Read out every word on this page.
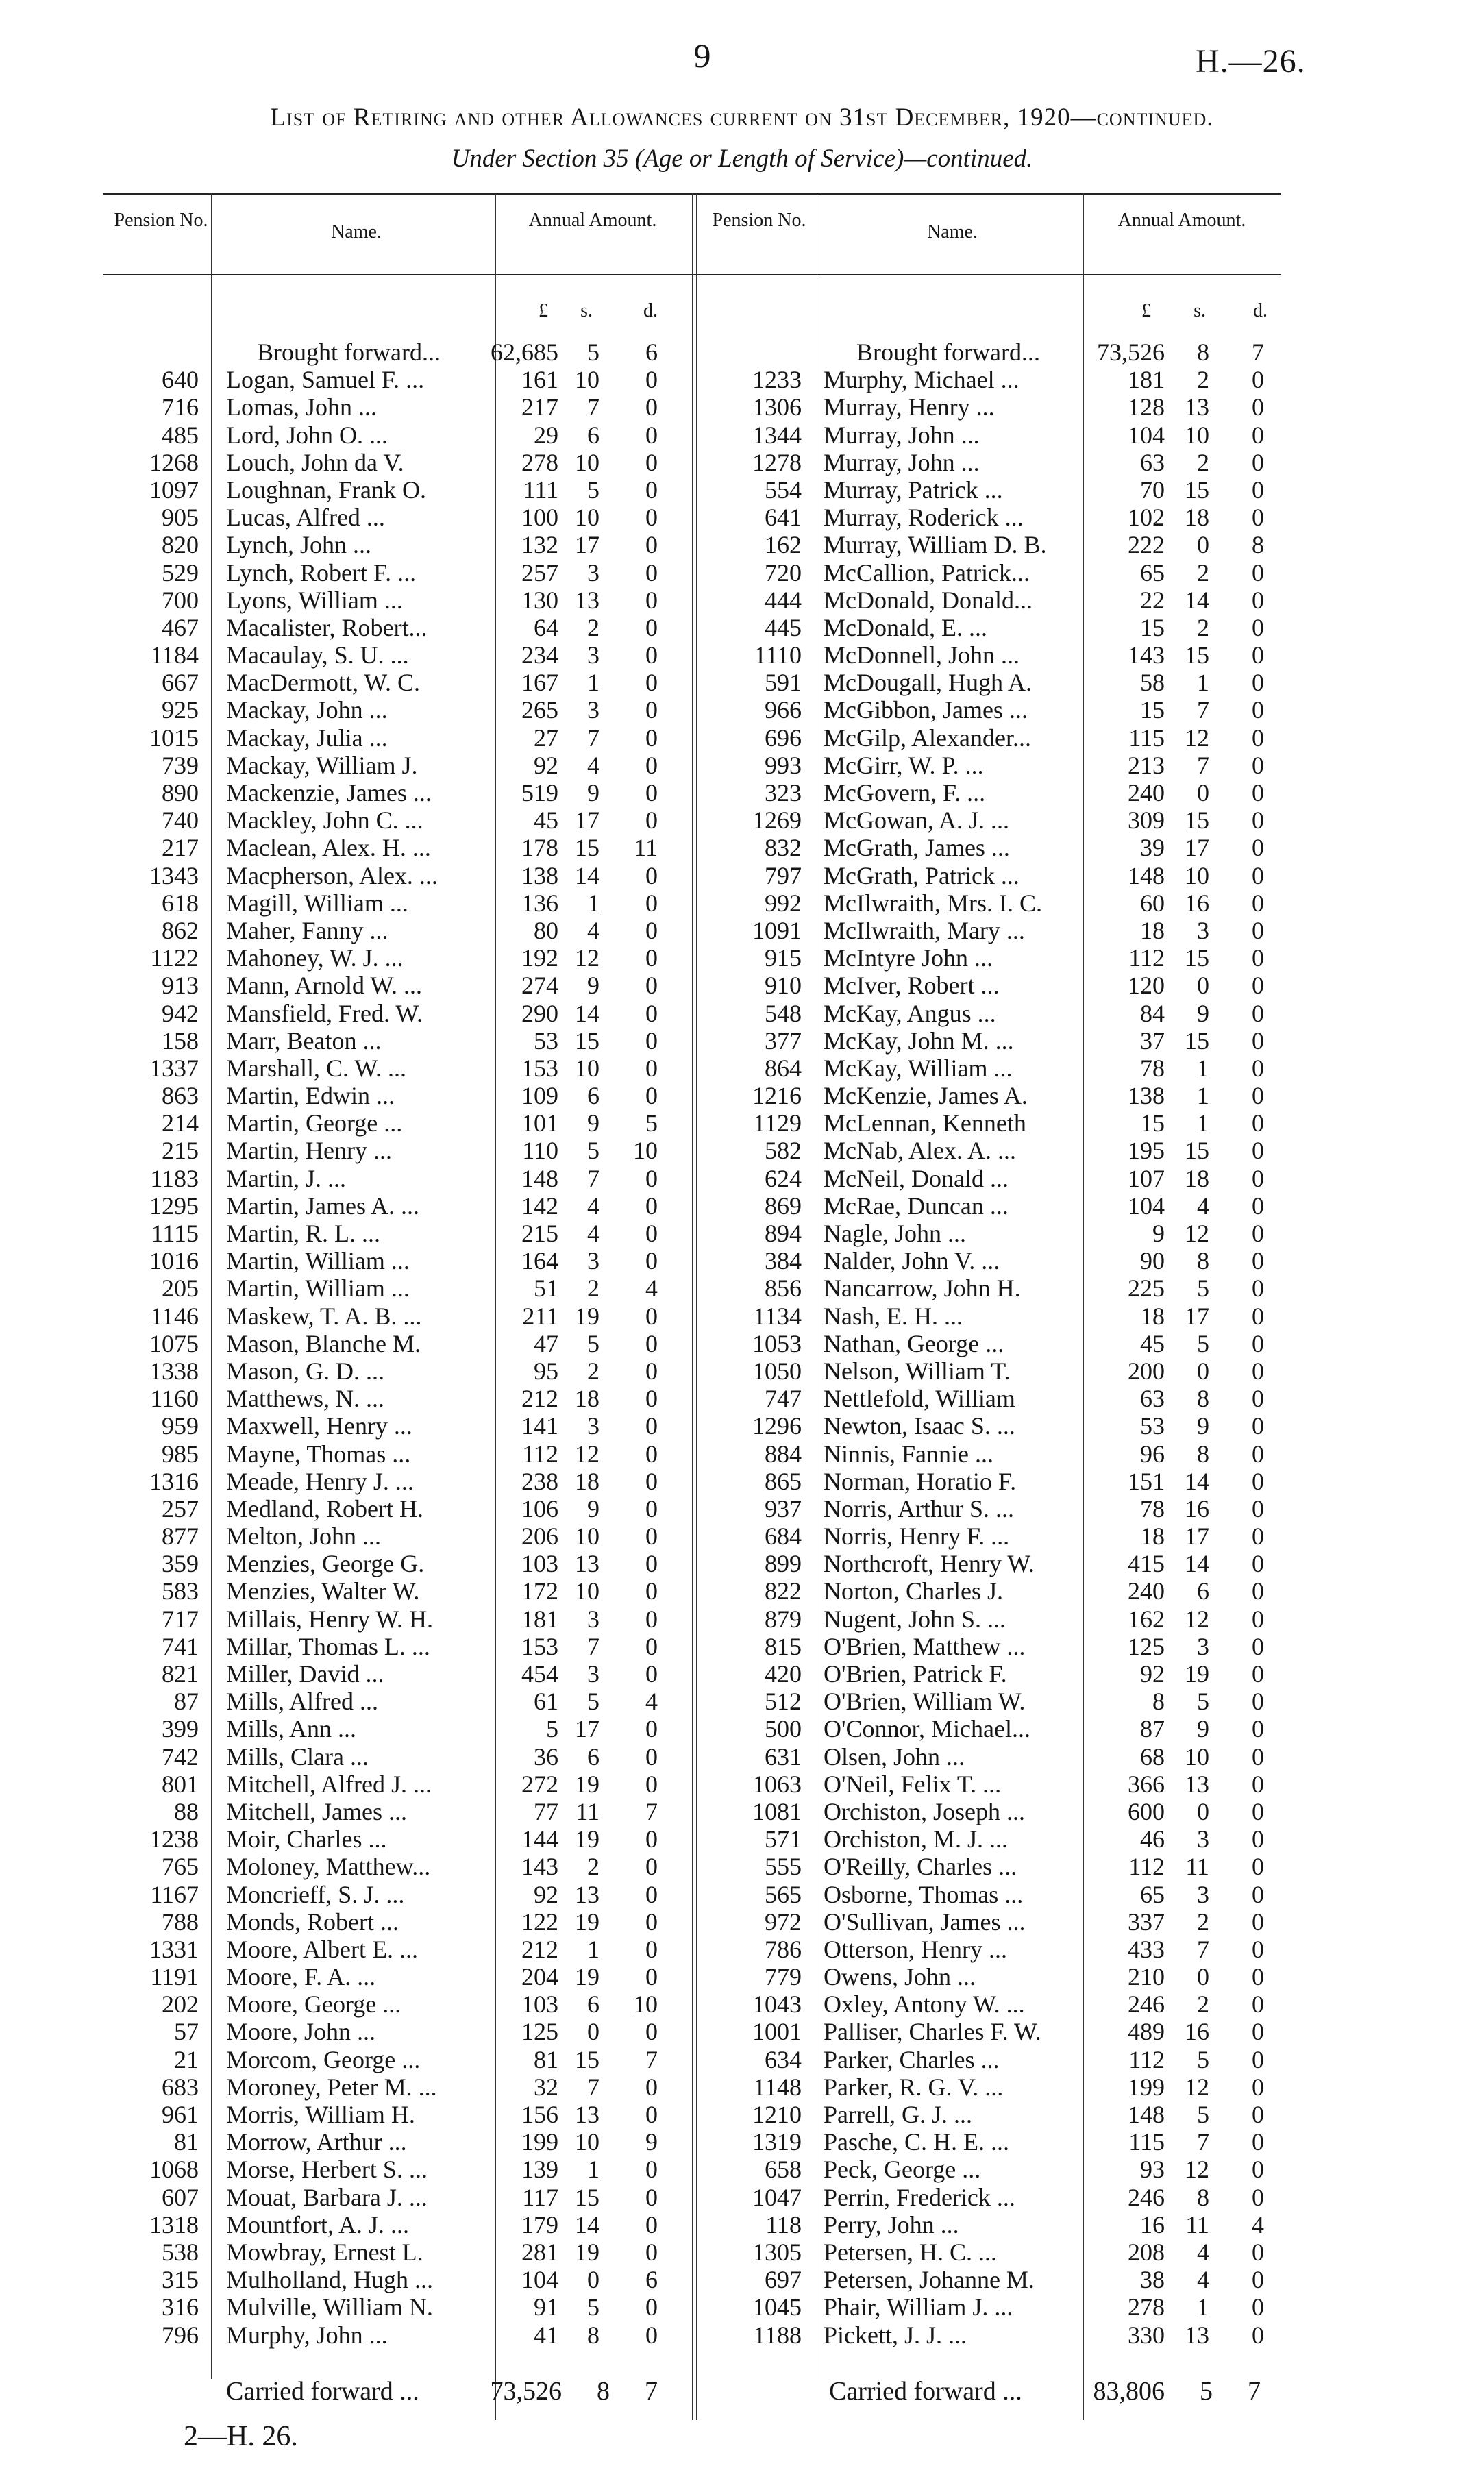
9	H.—26.
List of Retiring and other Allowances current on 31st December, 1920—continued.
Under Section 35 (Age or Length of Service)—continued.
Pension No.
Name.
Annual Amount.	Pension No.
Name.
Annual Amount.
£	s.	d.	£	s.	d.
Brought forward...	62,685	5	6
640 Logan, Samuel F. ...	161 10	0
716 Lomas, John ...	217	7	0
485 Lord, John O. ...	29	6	0
1268 Louch, John da V.	278 10	0
1097 Loughnan, Frank O.	111	5	0
905 Lucas, Alfred ...	100 10	0
820 Lynch, John ...	132 17	0
529 Lynch, Robert F. ...	257	3	0
700 Lyons, William ...	130 13	0
467 Macalister, Robert...	64	2	0
1184 Macaulay, S. U. ...	234	3	0
667 MacDermott, W. C.	167	1	0
925 Mackay, John ...	265	3	0
1015 Mackay, Julia ...	27	7	0
739 Mackay, William J.	92	4	0
890 Mackenzie, James ...	519	9	0
740 Mackley, John C. ...	45 17	0
217 Maclean, Alex. H. ...	178 15	11
1343 Macpherson, Alex. ...	138 14	0
618 Magill, William ...	136	1	0
862 Maher, Fanny ...	80	4	0
1122 Mahoney, W. J. ...	192 12	0
913 Mann, Arnold W. ...	274	9	0
942 Mansfield, Fred. W.	290 14	0
158 Marr, Beaton ...	53 15	0
1337 Marshall, C. W. ...	153 10	0
863 Martin, Edwin ...	109	6	0
214 Martin, George ...	101	9	5
215 Martin, Henry ...	110	5	10
1183 Martin, J. ...	148	7	0
1295 Martin, James A. ...	142	4	0
1115 Martin, R. L. ...	215	4	0
1016 Martin, William ...	164	3	0
205 Martin, William ...	51	2	4
1146 Maskew, T. A. B. ...	211 19	0
1075 Mason, Blanche M.	47	5	0
1338 Mason, G. D. ...	95	2	0
1160 Matthews, N. ...	212 18	0
959 Maxwell, Henry ...	141	3	0
985 Mayne, Thomas ...	112 12	0
1316 Meade, Henry J. ...	238 18	0
257 Medland, Robert H.	106	9	0
877 Melton, John ...	206 10	0
359 Menzies, George G.	103 13	0
583 Menzies, Walter W.	172 10	0
717 Millais, Henry W. H.	181	3	0
741 Millar, Thomas L. ...	153	7	0
821 Miller, David ...	454	3	0
87 Mills, Alfred ...	61	5	4
399 Mills, Ann ...	5 17	0
742 Mills, Clara ...	36	6	0
801 Mitchell, Alfred J. ...	272 19	0
88 Mitchell, James ...	77 11	7
1238 Moir, Charles ...	144 19	0
765 Moloney, Matthew...	143	2	0
1167 Moncrieff, S. J. ...	92 13	0
788 Monds, Robert ...	122 19	0
1331 Moore, Albert E. ...	212	1	0
1191 Moore, F. A. ...	204 19	0
202 Moore, George ...	103	6	10
57 Moore, John ...	125	0	0
21 Morcom, George ...	81 15	7
683 Moroney, Peter M. ...	32	7	0
961 Morris, William H.	156 13	0
81 Morrow, Arthur ...	199 10	9
1068 Morse, Herbert S. ...	139	1	0
607 Mouat, Barbara J. ...	117 15	0
1318 Mountfort, A. J. ...	179 14	0
538 Mowbray, Ernest L.	281 19	0
315 Mulholland, Hugh ...	104	0	6
316 Mulville, William N.	91	5	0
796 Murphy, John ...	41	8	0
Brought forward...	73,526	8	7
1233 Murphy, Michael ...	181	2	0
1306 Murray, Henry ...	128 13	0
1344 Murray, John ...	104 10	0
1278 Murray, John ...	63	2	0
554 Murray, Patrick ...	70 15	0
641 Murray, Roderick ...	102 18	0
162 Murray, William D. B.	222	0	8
720 McCallion, Patrick...	65	2	0
444 McDonald, Donald...	22 14	0
445 McDonald, E. ...	15	2	0
1110 McDonnell, John ...	143 15	0
591 McDougall, Hugh A.	58	1	0
966 McGibbon, James ...	15	7	0
696 McGilp, Alexander...	115 12	0
993 McGirr, W. P. ...	213	7	0
323 McGovern, F. ...	240	0	0
1269 McGowan, A. J. ...	309 15	0
832 McGrath, James ...	39 17	0
797 McGrath, Patrick ...	148 10	0
992 McIlwraith, Mrs. I. C.	60 16	0
1091 McIlwraith, Mary ...	18	3	0
915 McIntyre John ...	112 15	0
910 McIver, Robert ...	120	0	0
548 McKay, Angus ...	84	9	0
377 McKay, John M. ...	37 15	0
864 McKay, William ...	78	1	0
1216 McKenzie, James A.	138	1	0
1129 McLennan, Kenneth	15	1	0
582 McNab, Alex. A. ...	195 15	0
624 McNeil, Donald ...	107 18	0
869 McRae, Duncan ...	104	4	0
894 Nagle, John ...	9 12	0
384 Nalder, John V. ...	90	8	0
856 Nancarrow, John H.	225	5	0
1134 Nash, E. H. ...	18 17	0
1053 Nathan, George ...	45	5	0
1050 Nelson, William T.	200	0	0
747 Nettlefold, William	63	8	0
1296 Newton, Isaac S. ...	53	9	0
884 Ninnis, Fannie ...	96	8	0
865 Norman, Horatio F.	151 14	0
937 Norris, Arthur S. ...	78 16	0
684 Norris, Henry F. ...	18 17	0
899 Northcroft, Henry W.	415 14	0
822 Norton, Charles J.	240	6	0
879 Nugent, John S. ...	162 12	0
815 O'Brien, Matthew ...	125	3	0
420 O'Brien, Patrick F.	92 19	0
512 O'Brien, William W.	8	5	0
500 O'Connor, Michael...	87	9	0
631 Olsen, John ...	68 10	0
1063 O'Neil, Felix T. ...	366 13	0
1081 Orchiston, Joseph ...	600	0	0
571 Orchiston, M. J. ...	46	3	0
555 O'Reilly, Charles ...	112 11	0
565 Osborne, Thomas ...	65	3	0
972 O'Sullivan, James ...	337	2	0
786 Otterson, Henry ...	433	7	0
779 Owens, John ...	210	0	0
1043 Oxley, Antony W. ...	246	2	0
1001 Palliser, Charles F. W.	489 16	0
634 Parker, Charles ...	112	5	0
1148 Parker, R. G. V. ...	199 12	0
1210 Parrell, G. J. ...	148	5	0
1319 Pasche, C. H. E. ...	115	7	0
658 Peck, George ...	93 12	0
1047 Perrin, Frederick ...	246	8	0
118 Perry, John ...	16 11	4
1305 Petersen, H. C. ...	208	4	0
697 Petersen, Johanne M.	38	4	0
1045 Phair, William J. ...	278	1	0
1188 Pickett, J. J. ...	330 13	0
Carried forward ...	73,526	8	7	Carried forward ...	83,806	5	7
2—H. 26.
